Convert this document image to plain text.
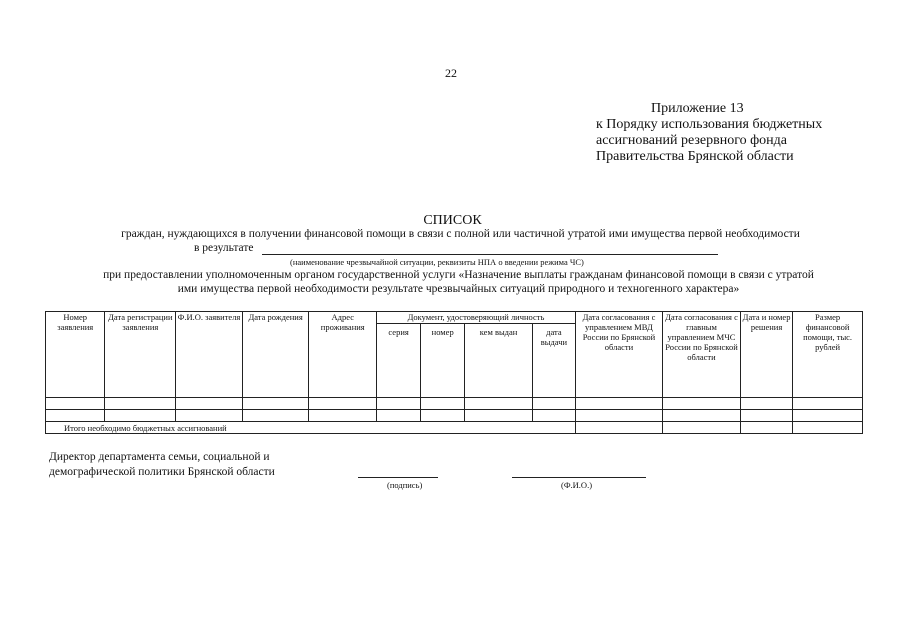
22
Приложение 13
к Порядку использования бюджетных
ассигнований резервного фонда
Правительства Брянской области
СПИСОК
граждан, нуждающихся в получении финансовой помощи в связи с полной или частичной утратой ими имущества первой необходимости
в результате
(наименование чрезвычайной ситуации, реквизиты НПА о введении режима ЧС)
при предоставлении уполномоченным органом государственной услуги «Назначение выплаты гражданам финансовой помощи в связи с утратой
ими имущества первой необходимости результате чрезвычайных ситуаций природного и техногенного характера»
Номер заявления	Дата регистрации заявления	Ф.И.О. заявителя	Дата рождения	Адрес проживания	Документ, удостоверяющий личность				Дата согласования с управлением МВД России по Брянской области	Дата согласования с главным управлением МЧС России по Брянской области	Дата и номер решения	Размер финансовой помощи, тыс. рублей
					серия	номер	кем выдан	дата выдачи				

Итого необходимо бюджетных ассигнований												
Директор департамента семьи, социальной и демографической политики Брянской области
(подпись)	(Ф.И.О.)
